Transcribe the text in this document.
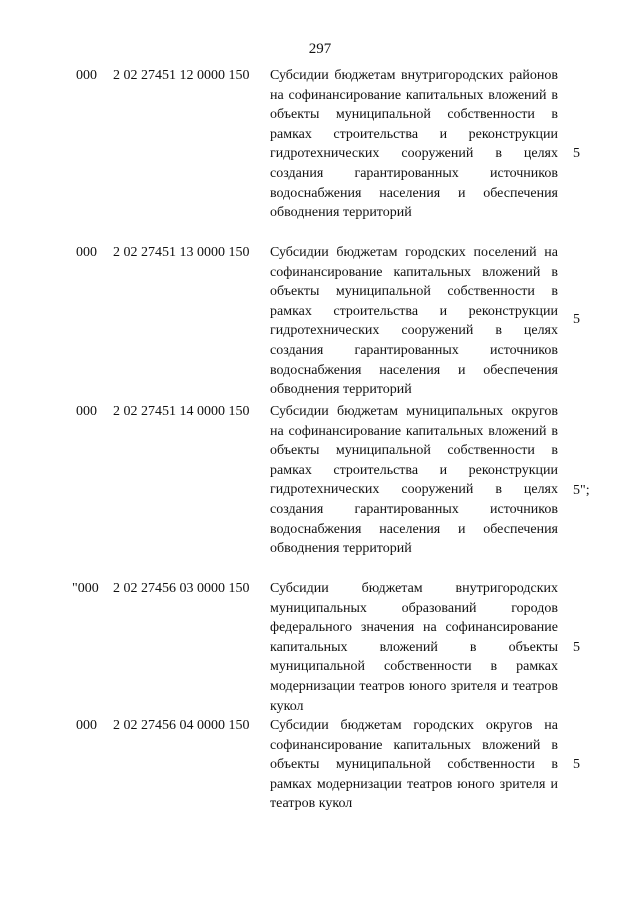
297
000 2 02 27451 12 0000 150 Субсидии бюджетам внутригородских районов на софинансирование капитальных вложений в объекты муниципальной собственности в рамках строительства и реконструкции гидротехнических сооружений в целях создания гарантированных источников водоснабжения населения и обеспечения обводнения территорий
5
000 2 02 27451 13 0000 150 Субсидии бюджетам городских поселений на софинансирование капитальных вложений в объекты муниципальной собственности в рамках строительства и реконструкции гидротехнических сооружений в целях создания гарантированных источников водоснабжения населения и обеспечения обводнения территорий
5
000 2 02 27451 14 0000 150 Субсидии бюджетам муниципальных округов на софинансирование капитальных вложений в объекты муниципальной собственности в рамках строительства и реконструкции гидротехнических сооружений в целях создания гарантированных источников водоснабжения населения и обеспечения обводнения территорий
5";
"000 2 02 27456 03 0000 150 Субсидии бюджетам внутригородских муниципальных образований городов федерального значения на софинансирование капитальных вложений в объекты муниципальной собственности в рамках модернизации театров юного зрителя и театров кукол
5
000 2 02 27456 04 0000 150 Субсидии бюджетам городских округов на софинансирование капитальных вложений в объекты муниципальной собственности в рамках модернизации театров юного зрителя и театров кукол
5
